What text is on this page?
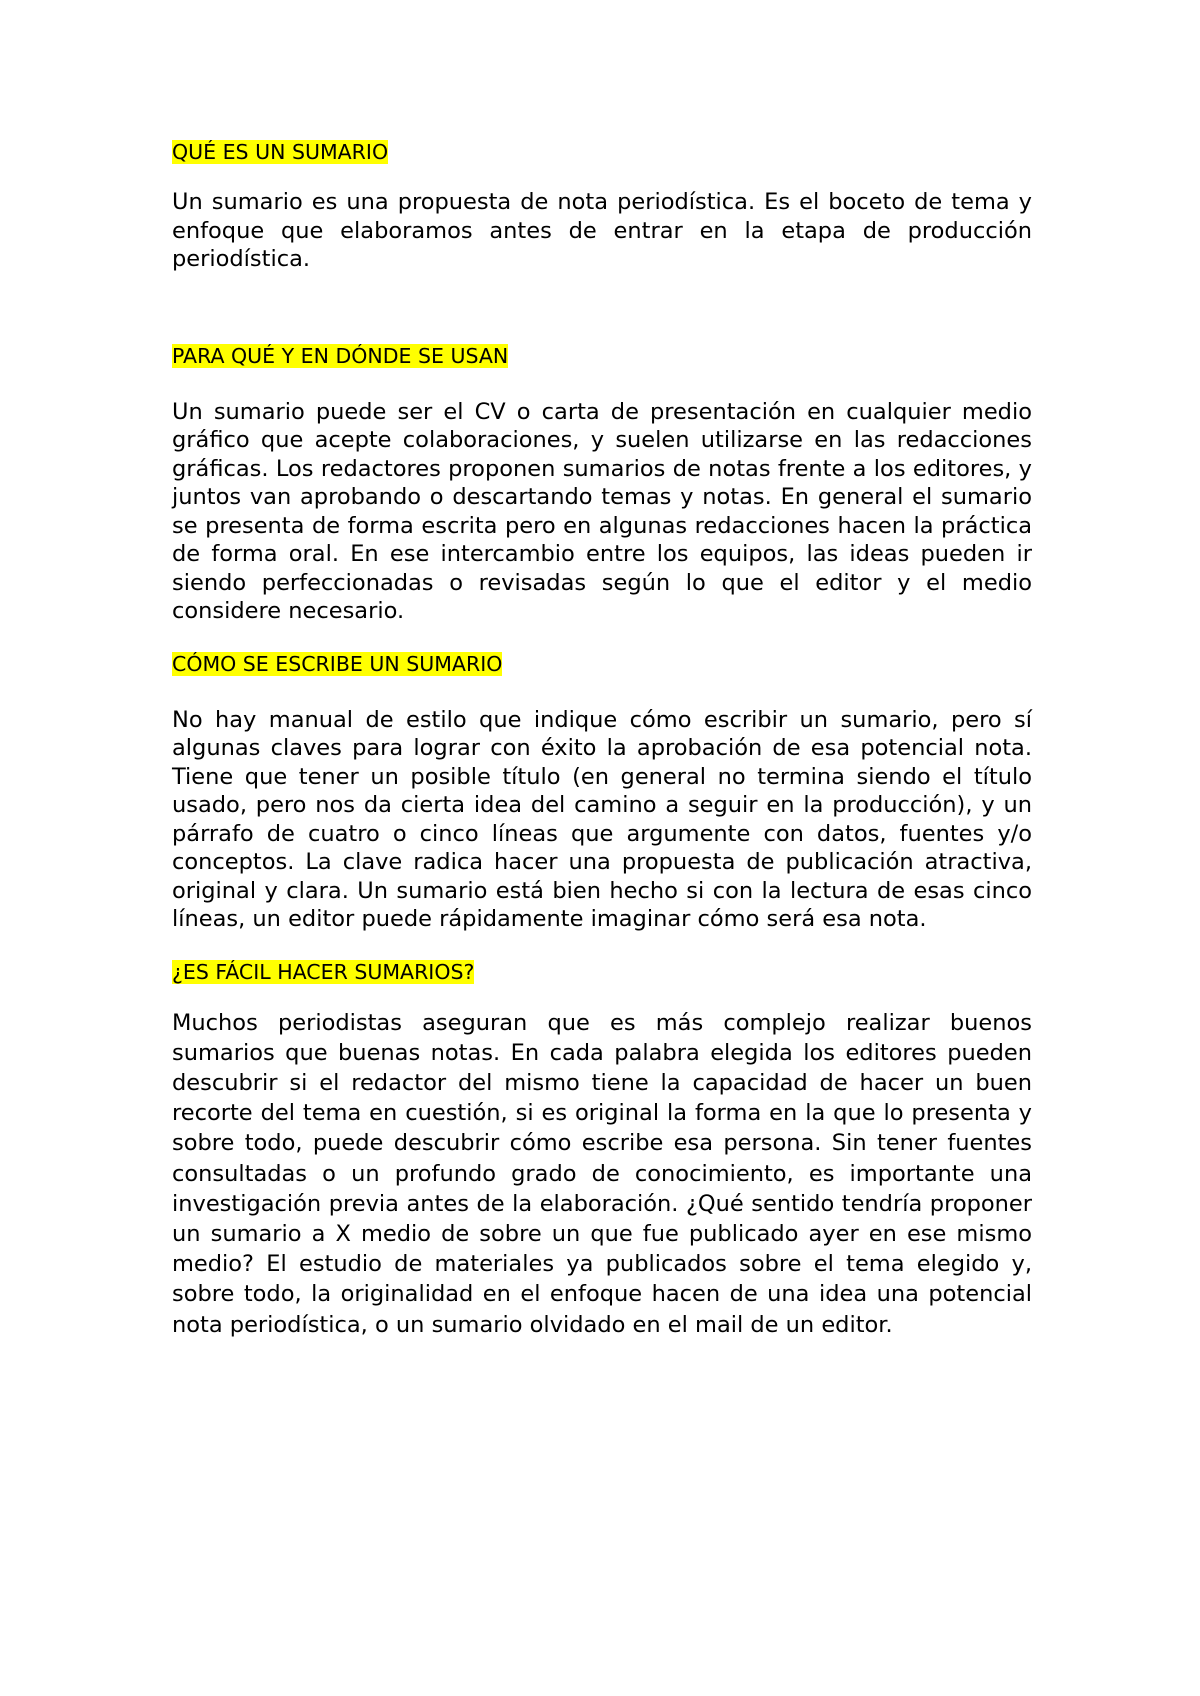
QUÉ ES UN SUMARIO

Un sumario es una propuesta de nota periodística. Es el boceto de tema y enfoque que elaboramos antes de entrar en la etapa de producción periodística.

PARA QUÉ Y EN DÓNDE SE USAN

Un sumario puede ser el CV o carta de presentación en cualquier medio gráfico que acepte colaboraciones, y suelen utilizarse en las redacciones gráficas. Los redactores proponen sumarios de notas frente a los editores, y juntos van aprobando o descartando temas y notas. En general el sumario se presenta de forma escrita pero en algunas redacciones hacen la práctica de forma oral. En ese intercambio entre los equipos, las ideas pueden ir siendo perfeccionadas o revisadas según lo que el editor y el medio considere necesario.

CÓMO SE ESCRIBE UN SUMARIO

No hay manual de estilo que indique cómo escribir un sumario, pero sí algunas claves para lograr con éxito la aprobación de esa potencial nota. Tiene que tener un posible título (en general no termina siendo el título usado, pero nos da cierta idea del camino a seguir en la producción), y un párrafo de cuatro o cinco líneas que argumente con datos, fuentes y/o conceptos. La clave radica hacer una propuesta de publicación atractiva, original y clara. Un sumario está bien hecho si con la lectura de esas cinco líneas, un editor puede rápidamente imaginar cómo será esa nota.

¿ES FÁCIL HACER SUMARIOS?

Muchos periodistas aseguran que es más complejo realizar buenos sumarios que buenas notas. En cada palabra elegida los editores pueden descubrir si el redactor del mismo tiene la capacidad de hacer un buen recorte del tema en cuestión, si es original la forma en la que lo presenta y sobre todo, puede descubrir cómo escribe esa persona. Sin tener fuentes consultadas o un profundo grado de conocimiento, es importante una investigación previa antes de la elaboración. ¿Qué sentido tendría proponer un sumario a X medio de sobre un que fue publicado ayer en ese mismo medio? El estudio de materiales ya publicados sobre el tema elegido y, sobre todo, la originalidad en el enfoque hacen de una idea una potencial nota periodística, o un sumario olvidado en el mail de un editor.
